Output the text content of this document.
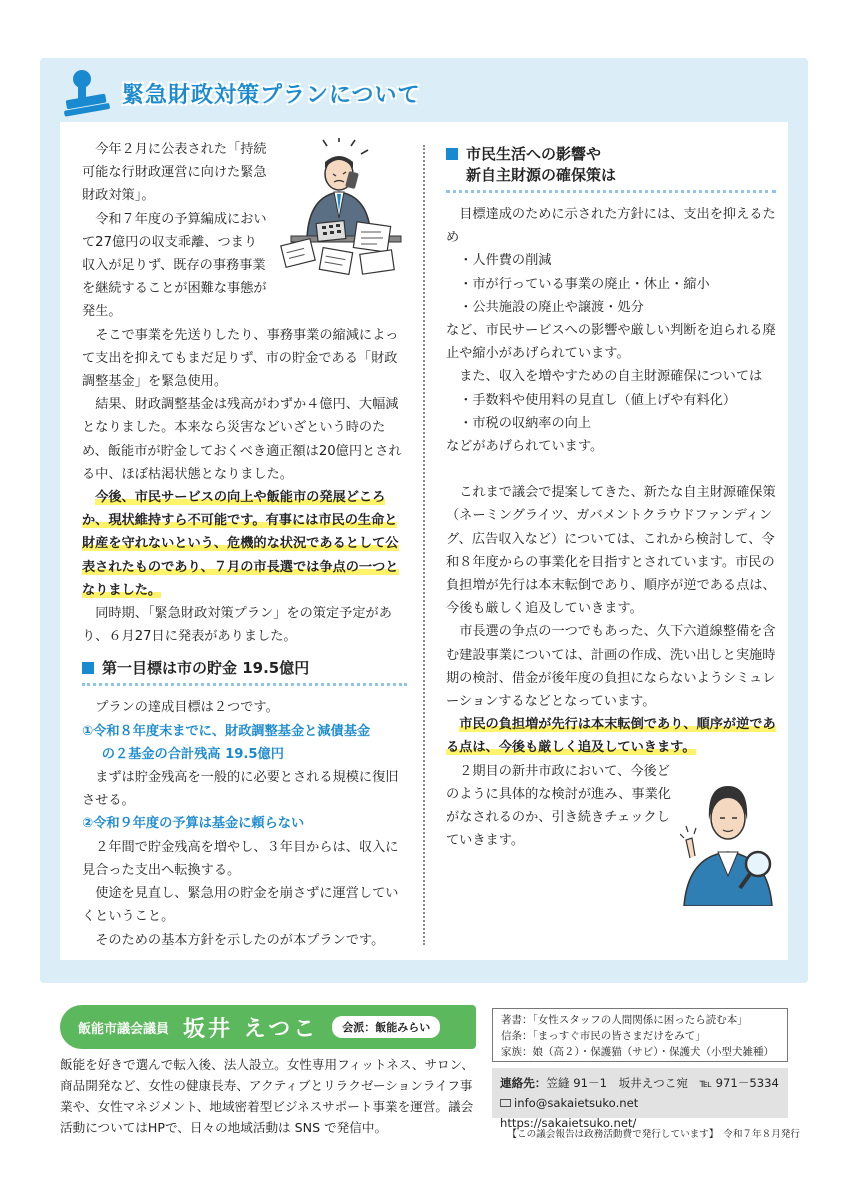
緊急財政対策プランについて

今年２月に公表された「持続可能な行財政運営に向けた緊急財政対策」。

令和７年度の予算編成において27億円の収支乖離、つまり収入が足りず、既存の事務事業を継続することが困難な事態が発生。

そこで事業を先送りしたり、事務事業の縮減によって支出を抑えてもまだ足りず、市の貯金である「財政調整基金」を緊急使用。

結果、財政調整基金は残高がわずか４億円、大幅減となりました。本来なら災害などいざという時のため、飯能市が貯金しておくべき適正額は20億円とされる中、ほぼ枯渇状態となりました。

今後、市民サービスの向上や飯能市の発展どころか、現状維持すら不可能です。有事には市民の生命と財産を守れないという、危機的な状況であるとして公表されたものであり、７月の市長選では争点の一つとなりました。

同時期、「緊急財政対策プラン」をの策定予定があり、６月27日に発表がありました。

第一目標は市の貯金 19.5億円

プランの達成目標は２つです。

①令和８年度末までに、財政調整基金と減債基金

の２基金の合計残高 19.5億円

まずは貯金残高を一般的に必要とされる規模に復旧させる。

②令和９年度の予算は基金に頼らない

２年間で貯金残高を増やし、３年目からは、収入に見合った支出へ転換する。

使途を見直し、緊急用の貯金を崩さずに運営していくということ。

そのための基本方針を示したのが本プランです。

市民生活への影響や
新自主財源の確保策は

目標達成のために示された方針には、支出を抑えるため

・人件費の削減

・市が行っている事業の廃止・休止・縮小

・公共施設の廃止や譲渡・処分

など、市民サービスへの影響や厳しい判断を迫られる廃止や縮小があげられています。

また、収入を増やすための自主財源確保については

・手数料や使用料の見直し（値上げや有料化）

・市税の収納率の向上

などがあげられています。

これまで議会で提案してきた、新たな自主財源確保策（ネーミングライツ、ガバメントクラウドファンディング、広告収入など）については、これから検討して、令和８年度からの事業化を目指すとされています。市民の負担増が先行は本末転倒であり、順序が逆である点は、今後も厳しく追及していきます。

市長選の争点の一つでもあった、久下六道線整備を含む建設事業については、計画の作成、洗い出しと実施時期の検討、借金が後年度の負担にならないようシミュレーションするなどとなっています。

市民の負担増が先行は本末転倒であり、順序が逆である点は、今後も厳しく追及していきます。

２期目の新井市政において、今後どのように具体的な検討が進み、事業化がなされるのか、引き続きチェックしていきます。

飯能市議会議員 坂井 えつこ	会派：飯能みらい

飯能を好きで選んで転入後、法人設立。女性専用フィットネス、サロン、商品開発など、女性の健康長寿、アクティブとリラクゼーションライフ事業や、女性マネジメント、地域密着型ビジネスサポート事業を運営。議会活動についてはHPで、日々の地域活動は SNS で発信中。

著書：「女性スタッフの人間関係に困ったら読む本」
信条：「まっすぐ市民の皆さまだけをみて」
家族：娘（高２）・保護猫（サビ）・保護犬（小型犬雑種）
連絡先：笠縫 91－1　坂井えつこ宛　℡ 971－5334
info@sakaietsuko.net　https://sakaietsuko.net/

【この議会報告は政務活動費で発行しています】　令和７年８月発行
